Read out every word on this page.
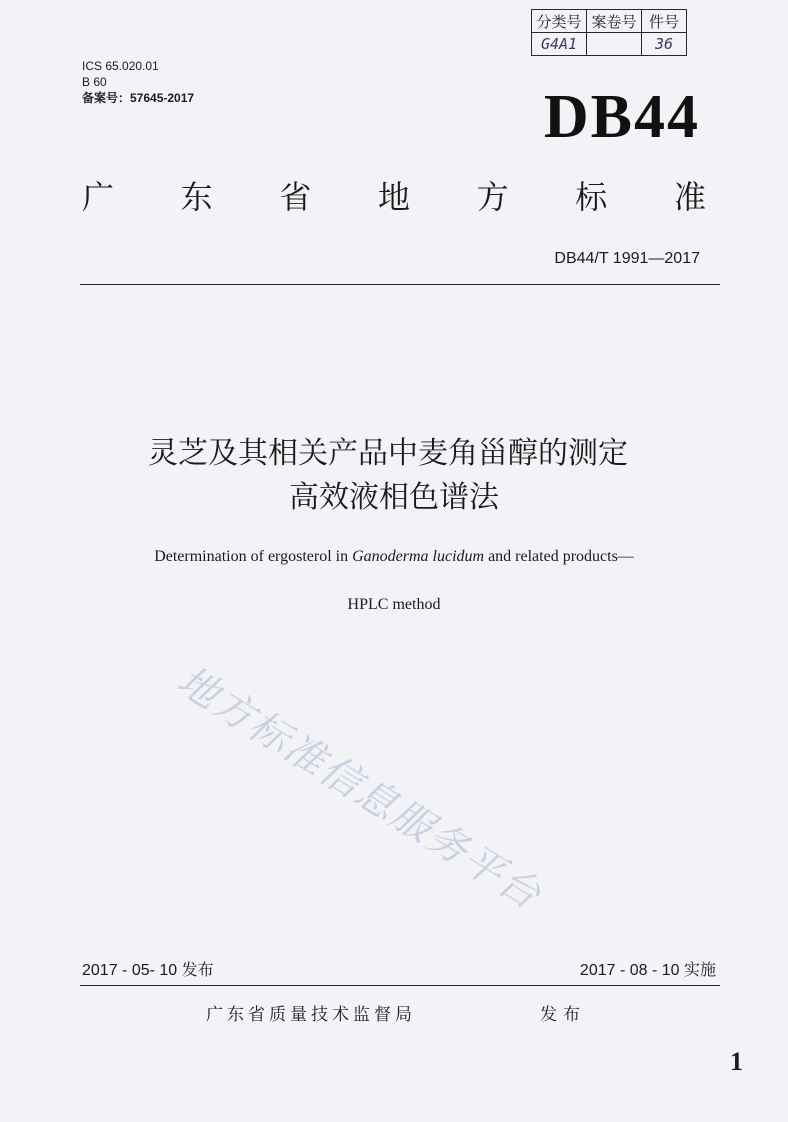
分类号	案卷号	件号
G4A1		36
ICS 65.020.01
B 60
备案号：57645-2017	DB44
广 东 省 地 方 标 准
DB44/T 1991—2017
灵芝及其相关产品中麦角甾醇的测定
高效液相色谱法
Determination of ergosterol in Ganoderma lucidum and related products—
HPLC method
地方标准信息服务平台
2017 - 05- 10 发布	2017 - 08 - 10 实施
广东省质量技术监督局	发布
1
